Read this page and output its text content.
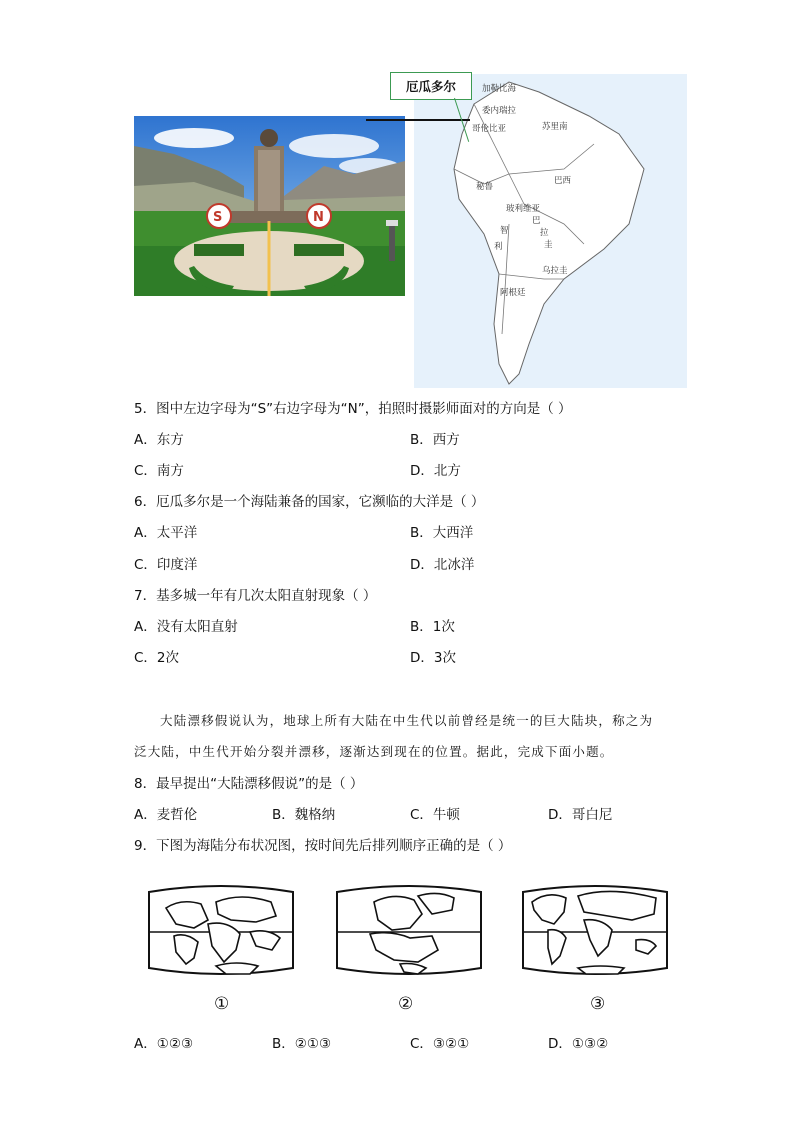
S	N
加勒比海
委内瑞拉
哥伦比亚	苏里南
秘鲁
巴西
玻利维亚
巴
拉
圭
智
利
乌拉圭
阿根廷
厄瓜多尔
5．图中左边字母为“S”右边字母为“N”，拍照时摄影师面对的方向是（ ）
A．东方	B．西方
C．南方	D．北方
6．厄瓜多尔是一个海陆兼备的国家，它濒临的大洋是（ ）
A．太平洋	B．大西洋
C．印度洋	D．北冰洋
7．基多城一年有几次太阳直射现象（ ）
A．没有太阳直射	B．1次
C．2次	D．3次
大陆漂移假说认为，地球上所有大陆在中生代以前曾经是统一的巨大陆块，称之为
泛大陆，中生代开始分裂并漂移，逐渐达到现在的位置。据此，完成下面小题。
8．最早提出“大陆漂移假说”的是（ ）
A．麦哲伦	B．魏格纳	C．牛顿	D．哥白尼
9．下图为海陆分布状况图，按时间先后排列顺序正确的是（ ）
①	②	③
A．①②③	B．②①③	C．③②①	D．①③②
